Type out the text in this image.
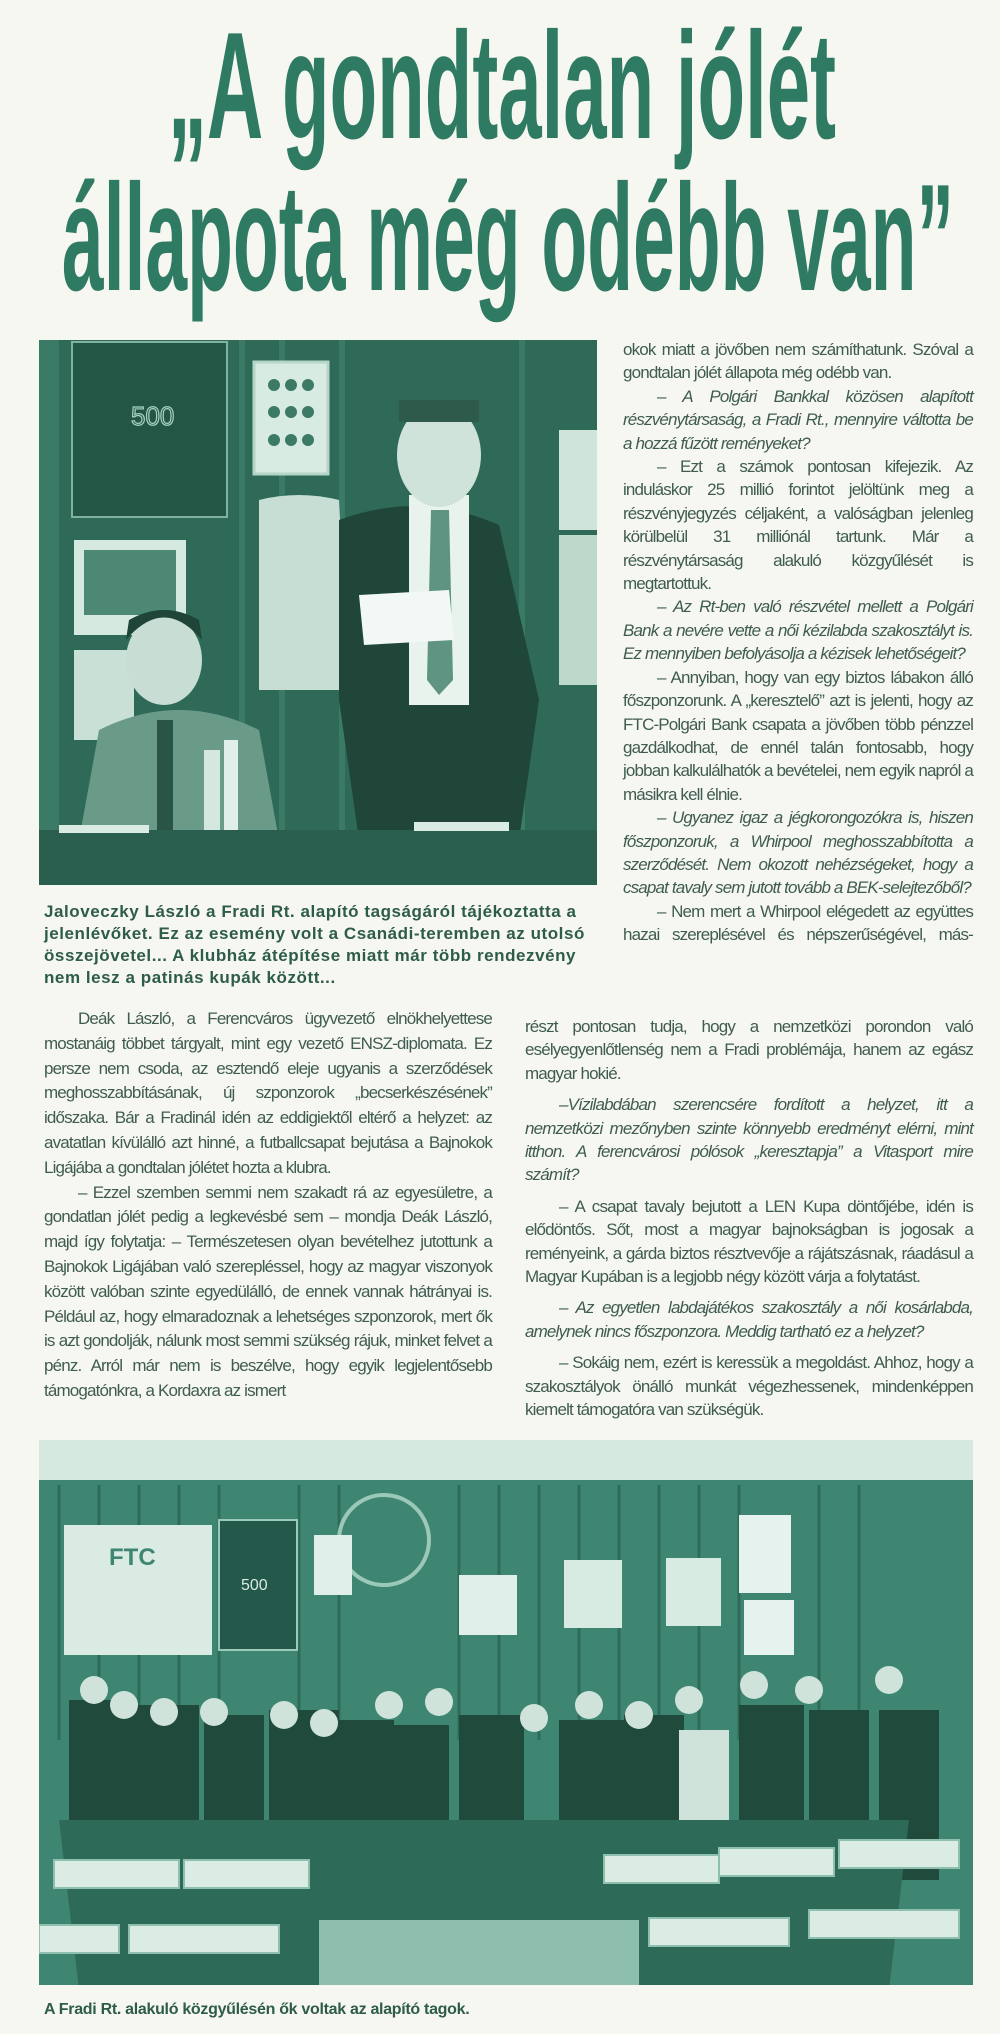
„A gondtalan jólét
állapota még odébb van”
500
Jaloveczky László a Fradi Rt. alapító tagságáról tájékoztatta a jelenlévőket. Ez az esemény volt a Csanádi-teremben az utolsó összejövetel... A klubház átépítése miatt már több rendezvény nem lesz a patinás kupák között...

Deák László, a Ferencváros ügyvezető elnökhelyettese mostanáig többet tárgyalt, mint egy vezető ENSZ-diplomata. Ez persze nem csoda, az esztendő eleje ugyanis a szerződések meghosszabbításának, új szponzorok „becserkészésének” időszaka. Bár a Fradinál idén az eddigiektől eltérő a helyzet: az avatatlan kívülálló azt hinné, a futballcsapat bejutása a Bajnokok Ligájába a gondtalan jólétet hozta a klubra.

– Ezzel szemben semmi nem szakadt rá az egyesületre, a gondatlan jólét pedig a legkevésbé sem – mondja Deák László, majd így folytatja: – Természetesen olyan bevételhez jutottunk a Bajnokok Ligájában való szerepléssel, hogy az magyar viszonyok között valóban szinte egyedülálló, de ennek vannak hátrányai is. Például az, hogy elmaradoznak a lehetséges szponzorok, mert ők is azt gondolják, nálunk most semmi szükség rájuk, minket felvet a pénz. Arról már nem is beszélve, hogy egyik legjelentősebb támogatónkra, a Kordaxra az ismert

okok miatt a jövőben nem számíthatunk. Szóval a gondtalan jólét állapota még odébb van.

– A Polgári Bankkal közösen alapított részvénytársaság, a Fradi Rt., mennyire váltotta be a hozzá fűzött reményeket?

– Ezt a számok pontosan kifejezik. Az induláskor 25 millió forintot jelöltünk meg a részvényjegyzés céljaként, a valóságban jelenleg körülbelül 31 milliónál tartunk. Már a részvénytársaság alakuló közgyűlését is megtartottuk.

– Az Rt-ben való részvétel mellett a Polgári Bank a nevére vette a női kézilabda szakosztályt is. Ez mennyiben befolyásolja a kézisek lehetőségeit?

– Annyiban, hogy van egy biztos lábakon álló főszponzorunk. A „keresztelő” azt is jelenti, hogy az FTC-Polgári Bank csapata a jövőben több pénzzel gazdálkodhat, de ennél talán fontosabb, hogy jobban kalkulálhatók a bevételei, nem egyik napról a másikra kell élnie.

– Ugyanez igaz a jégkorongozókra is, hiszen főszponzoruk, a Whirpool meghosszabbította a szerződését. Nem okozott nehézségeket, hogy a csapat tavaly sem jutott tovább a BEK-selejtezőből?

– Nem mert a Whirpool elégedett az együttes hazai szereplésével és népszerűségével, más-

részt pontosan tudja, hogy a nemzetközi porondon való esélyegyenlőtlenség nem a Fradi problémája, hanem az egász magyar hokié.

–Vízilabdában szerencsére fordított a helyzet, itt a nemzetközi mezőnyben szinte könnyebb eredményt elérni, mint itthon. A ferencvárosi pólósok „keresztapja” a Vitasport mire számít?

– A csapat tavaly bejutott a LEN Kupa döntőjébe, idén is elődöntős. Sőt, most a magyar bajnokságban is jogosak a reményeink, a gárda biztos résztvevője a rájátszásnak, ráadásul a Magyar Kupában is a legjobb négy között várja a folytatást.

– Az egyetlen labdajátékos szakosztály a női kosárlabda, amelynek nincs főszponzora. Meddig tartható ez a helyzet?

– Sokáig nem, ezért is keressük a megoldást. Ahhoz, hogy a szakosztályok önálló munkát végezhessenek, mindenképpen kiemelt támogatóra van szükségük.

FTC
500
A Fradi Rt. alakuló közgyűlésén ők voltak az alapító tagok.
